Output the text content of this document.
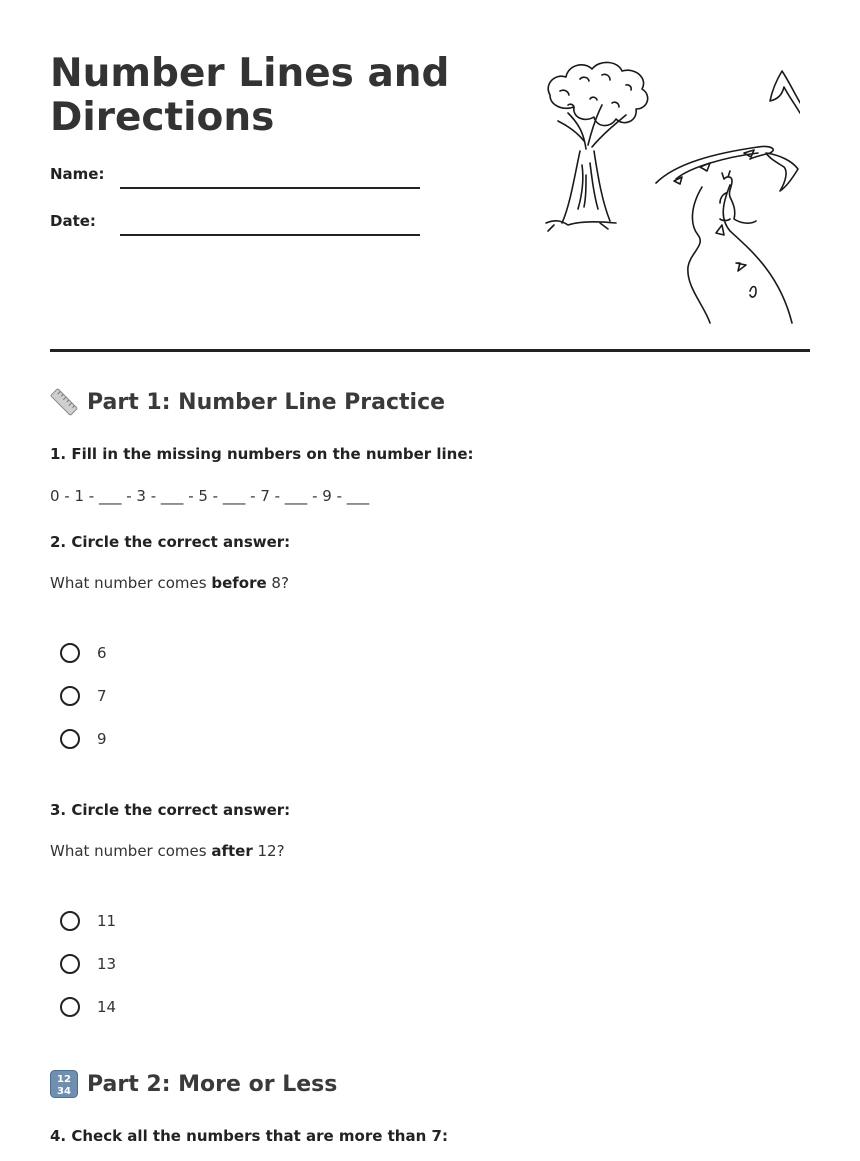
Number Lines and
Directions
Name:
Date:
Part 1: Number Line Practice
1. Fill in the missing numbers on the number line:
0 - 1 - ___ - 3 - ___ - 5 - ___ - 7 - ___ - 9 - ___
2. Circle the correct answer:
What number comes before 8?
6
7
9
3. Circle the correct answer:
What number comes after 12?
11
13
14
12
34 Part 2: More or Less
4. Check all the numbers that are more than 7:
